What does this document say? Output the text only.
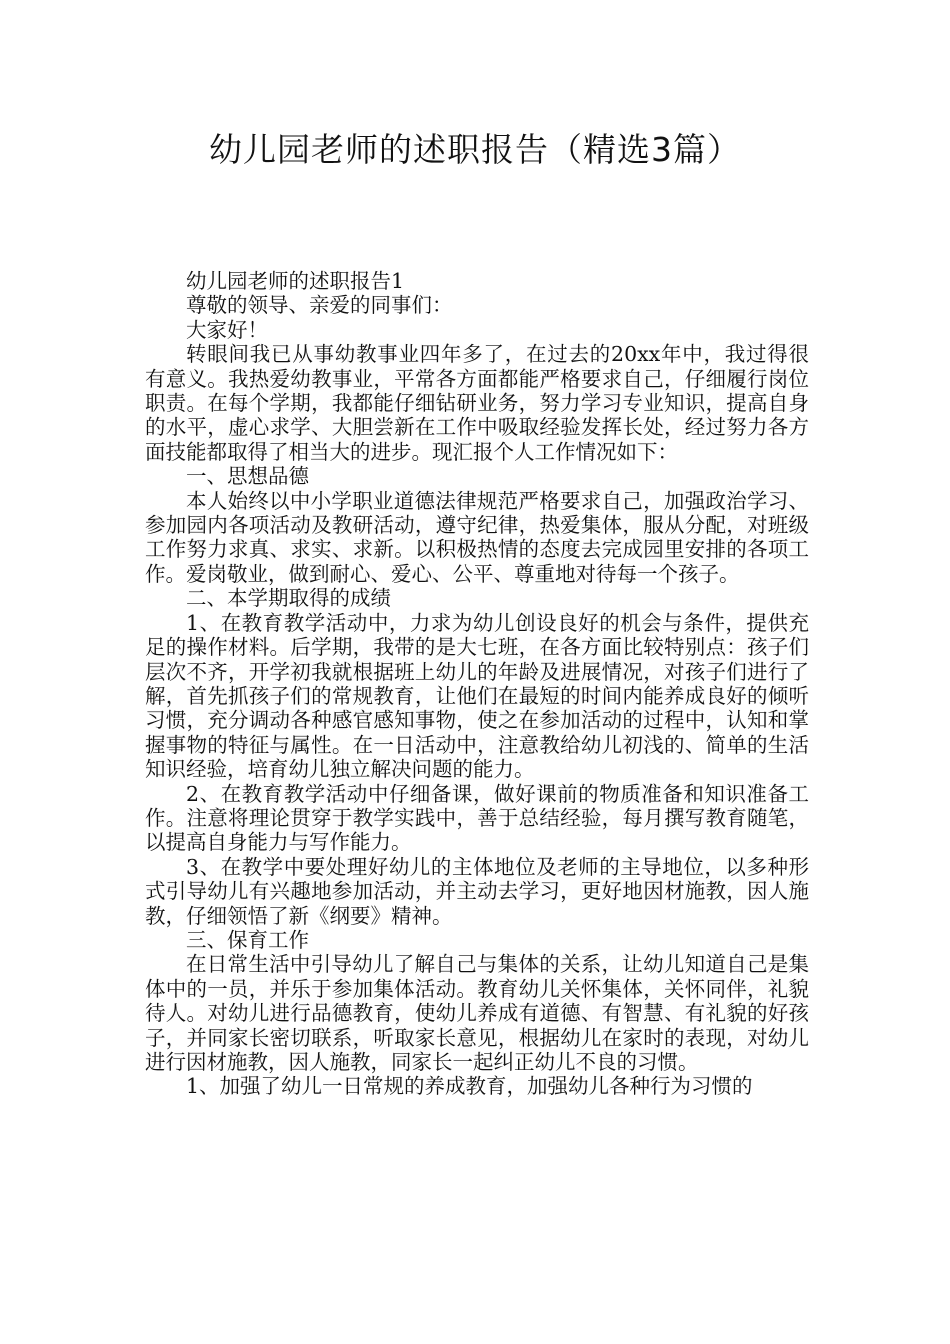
幼儿园老师的述职报告（精选3篇）

幼儿园老师的述职报告1

尊敬的领导、亲爱的同事们：

大家好！

转眼间我已从事幼教事业四年多了，在过去的20xx年中，我过得很有意义。我热爱幼教事业，平常各方面都能严格要求自己，仔细履行岗位职责。在每个学期，我都能仔细钻研业务，努力学习专业知识，提高自身的水平，虚心求学、大胆尝新在工作中吸取经验发挥长处，经过努力各方面技能都取得了相当大的进步。现汇报个人工作情况如下：

一、思想品德

本人始终以中小学职业道德法律规范严格要求自己，加强政治学习、参加园内各项活动及教研活动，遵守纪律，热爱集体，服从分配，对班级工作努力求真、求实、求新。以积极热情的态度去完成园里安排的各项工作。爱岗敬业，做到耐心、爱心、公平、尊重地对待每一个孩子。

二、本学期取得的成绩

1、在教育教学活动中，力求为幼儿创设良好的机会与条件，提供充足的操作材料。后学期，我带的是大七班，在各方面比较特别点：孩子们层次不齐，开学初我就根据班上幼儿的年龄及进展情况，对孩子们进行了解，首先抓孩子们的常规教育，让他们在最短的时间内能养成良好的倾听习惯，充分调动各种感官感知事物，使之在参加活动的过程中，认知和掌握事物的特征与属性。在一日活动中，注意教给幼儿初浅的、简单的生活知识经验，培育幼儿独立解决问题的能力。

2、在教育教学活动中仔细备课，做好课前的物质准备和知识准备工作。注意将理论贯穿于教学实践中，善于总结经验，每月撰写教育随笔，以提高自身能力与写作能力。

3、在教学中要处理好幼儿的主体地位及老师的主导地位，以多种形式引导幼儿有兴趣地参加活动，并主动去学习，更好地因材施教，因人施教，仔细领悟了新《纲要》精神。

三、保育工作

在日常生活中引导幼儿了解自己与集体的关系，让幼儿知道自己是集体中的一员，并乐于参加集体活动。教育幼儿关怀集体，关怀同伴，礼貌待人。对幼儿进行品德教育，使幼儿养成有道德、有智慧、有礼貌的好孩子，并同家长密切联系，听取家长意见，根据幼儿在家时的表现，对幼儿进行因材施教，因人施教，同家长一起纠正幼儿不良的习惯。

1、加强了幼儿一日常规的养成教育，加强幼儿各种行为习惯的
